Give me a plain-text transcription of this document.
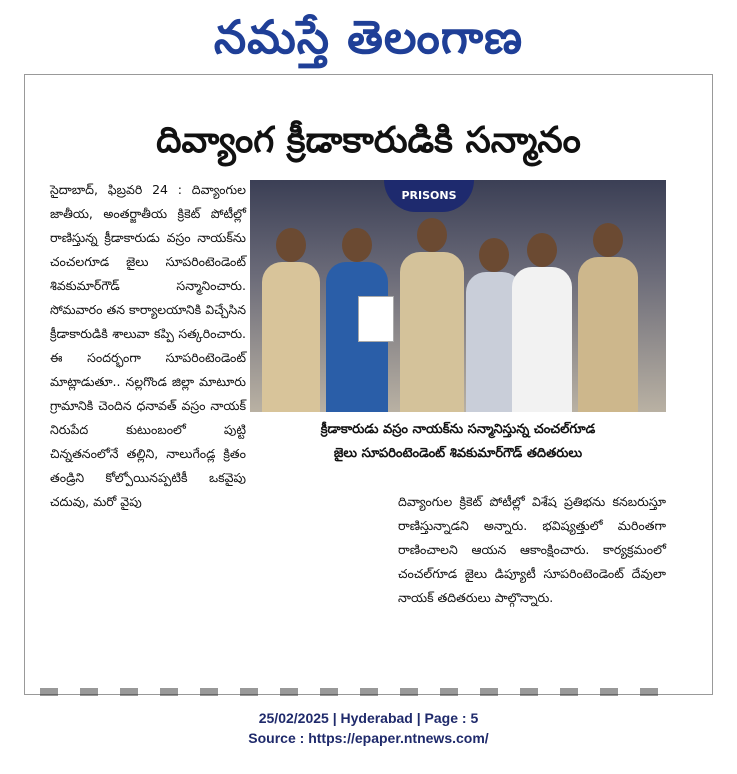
నమస్తే తెలంగాణ
దివ్యాంగ క్రీడాకారుడికి సన్మానం

సైదాబాద్, ఫిబ్రవరి 24 : దివ్యాంగుల జాతీయ, అంతర్జాతీయ క్రికెట్ పోటీల్లో రాణిస్తున్న క్రీడాకారుడు వస్రం నాయక్‌ను చంచలగూడ జైలు సూపరింటెండెంట్ శివకుమార్‌గౌడ్ సన్మానించారు. సోమవారం తన కార్యాలయానికి విచ్చేసిన క్రీడాకారుడికి శాలువా కప్పి సత్కరించారు. ఈ సందర్భంగా సూపరింటెండెంట్ మాట్లాడుతూ.. నల్లగొండ జిల్లా మాటూరు గ్రామానికి చెందిన ధనావత్ వస్రం నాయక్ నిరుపేద కుటుంబంలో పుట్టి చిన్నతనంలోనే తల్లిని, నాలుగేండ్ల క్రితం తండ్రిని కోల్పోయినప్పటికీ ఒకవైపు చదువు, మరో వైపు

PRISONS

క్రీడాకారుడు వస్రం నాయక్‌ను సన్మానిస్తున్న చంచల్‌గూడ

జైలు సూపరింటెండెంట్ శివకుమార్‌గౌడ్ తదితరులు

దివ్యాంగుల క్రికెట్ పోటీల్లో విశేష ప్రతిభను కనబరుస్తూ రాణిస్తున్నాడని అన్నారు. భవిష్యత్తులో మరింతగా రాణించాలని ఆయన ఆకాంక్షించారు. కార్యక్రమంలో చంచల్‌గూడ జైలు డిప్యూటీ సూపరింటెండెంట్ దేవులా నాయక్ తదితరులు పాల్గొన్నారు.

25/02/2025 | Hyderabad | Page : 5

Source : https://epaper.ntnews.com/
